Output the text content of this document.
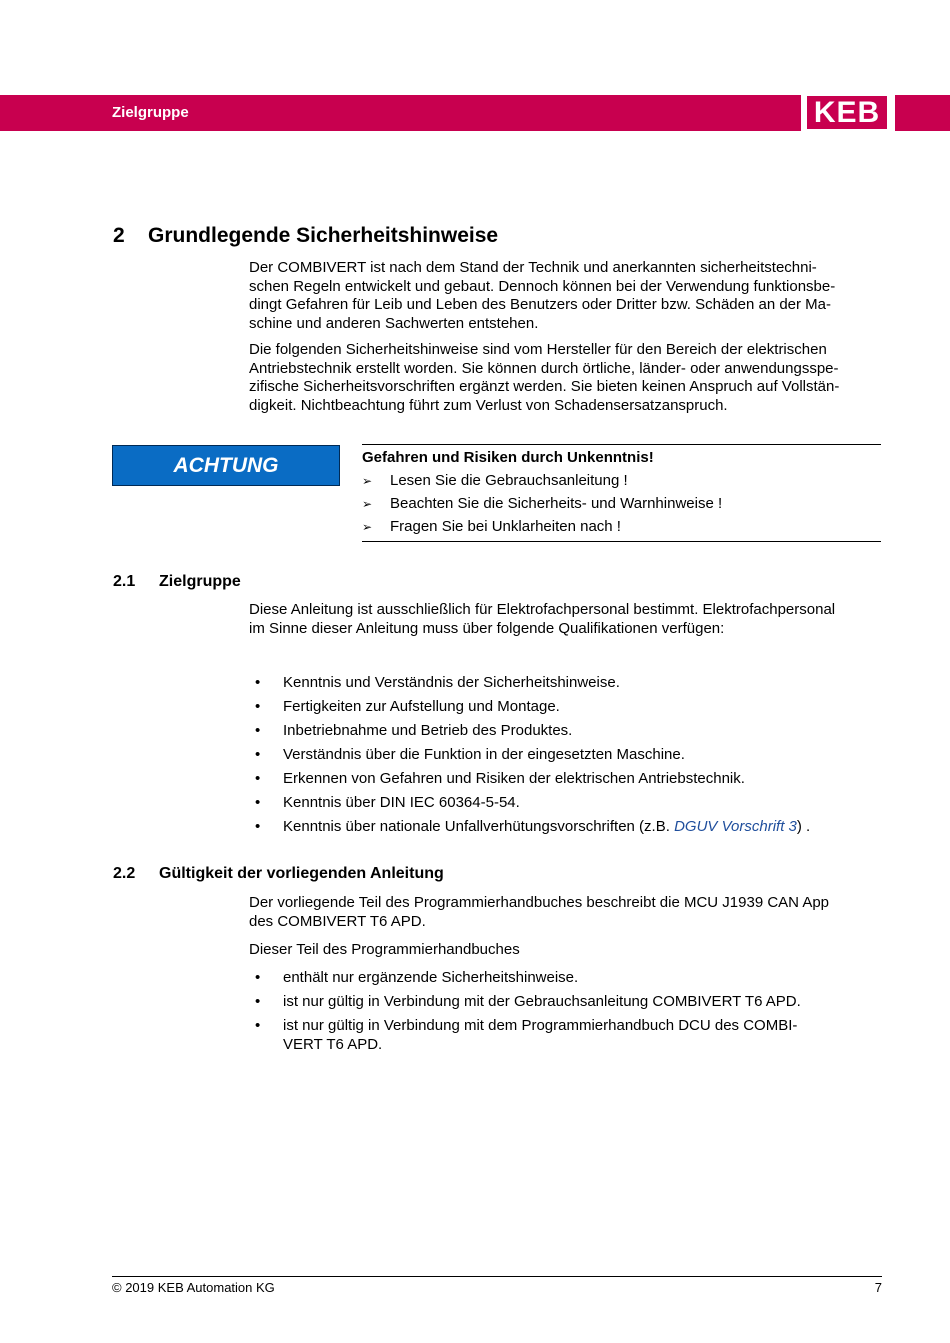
Zielgruppe	KEB
2 Grundlegende Sicherheitshinweise
Der COMBIVERT ist nach dem Stand der Technik und anerkannten sicherheitstechni-
schen Regeln entwickelt und gebaut. Dennoch können bei der Verwendung funktionsbe-
dingt Gefahren für Leib und Leben des Benutzers oder Dritter bzw. Schäden an der Ma-
schine und anderen Sachwerten entstehen.
Die folgenden Sicherheitshinweise sind vom Hersteller für den Bereich der elektrischen
Antriebstechnik erstellt worden. Sie können durch örtliche, länder- oder anwendungsspe-
zifische Sicherheitsvorschriften ergänzt werden. Sie bieten keinen Anspruch auf Vollstän-
digkeit. Nichtbeachtung führt zum Verlust von Schadensersatzanspruch.
ACHTUNG	Gefahren und Risiken durch Unkenntnis!
➢ Lesen Sie die Gebrauchsanleitung !
➢ Beachten Sie die Sicherheits- und Warnhinweise !
➢ Fragen Sie bei Unklarheiten nach !
2.1 Zielgruppe
Diese Anleitung ist ausschließlich für Elektrofachpersonal bestimmt. Elektrofachpersonal
im Sinne dieser Anleitung muss über folgende Qualifikationen verfügen:
• Kenntnis und Verständnis der Sicherheitshinweise.
• Fertigkeiten zur Aufstellung und Montage.
• Inbetriebnahme und Betrieb des Produktes.
• Verständnis über die Funktion in der eingesetzten Maschine.
• Erkennen von Gefahren und Risiken der elektrischen Antriebstechnik.
• Kenntnis über DIN IEC 60364-5-54.
• Kenntnis über nationale Unfallverhütungsvorschriften (z.B. DGUV Vorschrift 3) .
2.2 Gültigkeit der vorliegenden Anleitung
Der vorliegende Teil des Programmierhandbuches beschreibt die MCU J1939 CAN App
des COMBIVERT T6 APD.
Dieser Teil des Programmierhandbuches
• enthält nur ergänzende Sicherheitshinweise.
• ist nur gültig in Verbindung mit der Gebrauchsanleitung COMBIVERT T6 APD.
• ist nur gültig in Verbindung mit dem Programmierhandbuch DCU des COMBI-
VERT T6 APD.
© 2019 KEB Automation KG	7
